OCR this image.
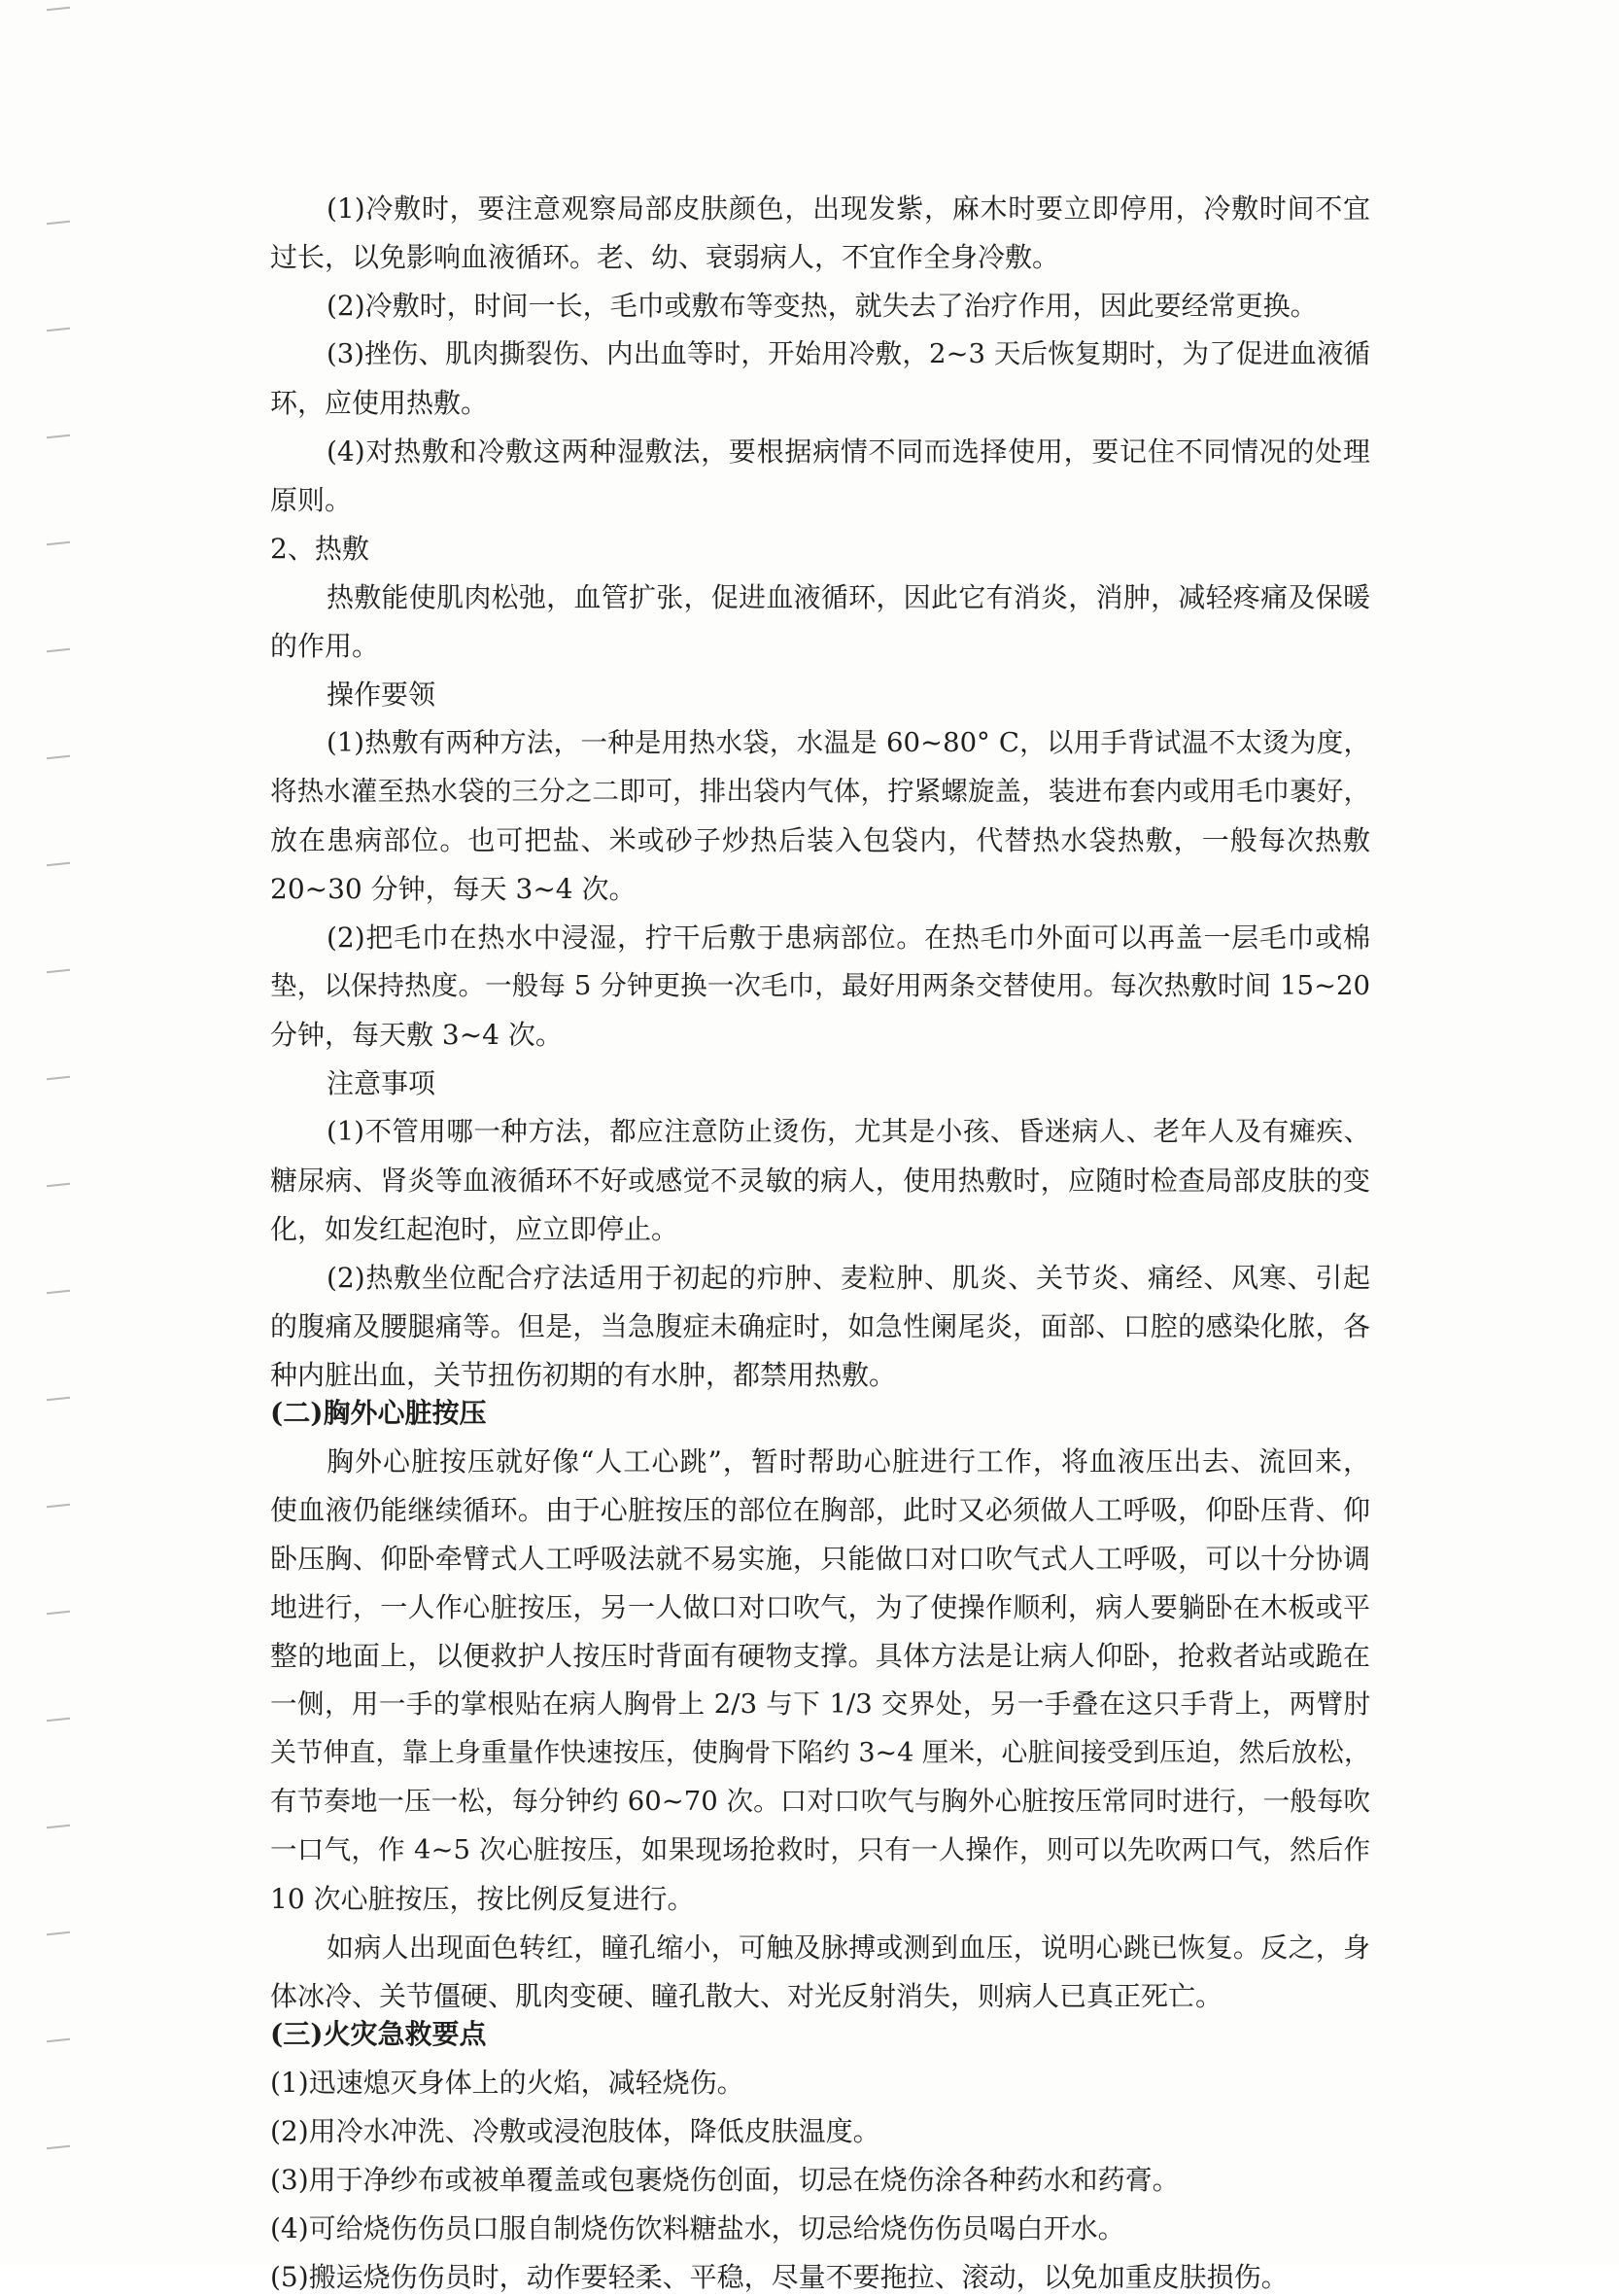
(1)冷敷时，要注意观察局部皮肤颜色，出现发紫，麻木时要立即停用，冷敷时间不宜
过长，以免影响血液循环。老、幼、衰弱病人，不宜作全身冷敷。
(2)冷敷时，时间一长，毛巾或敷布等变热，就失去了治疗作用，因此要经常更换。
(3)挫伤、肌肉撕裂伤、内出血等时，开始用冷敷，2~3 天后恢复期时，为了促进血液循
环，应使用热敷。
(4)对热敷和冷敷这两种湿敷法，要根据病情不同而选择使用，要记住不同情况的处理
原则。
2、热敷
热敷能使肌肉松弛，血管扩张，促进血液循环，因此它有消炎，消肿，减轻疼痛及保暖
的作用。
操作要领
(1)热敷有两种方法，一种是用热水袋，水温是 60~80° C，以用手背试温不太烫为度，
将热水灌至热水袋的三分之二即可，排出袋内气体，拧紧螺旋盖，装进布套内或用毛巾裹好，
放在患病部位。也可把盐、米或砂子炒热后装入包袋内，代替热水袋热敷，一般每次热敷
20~30 分钟，每天 3~4 次。
(2)把毛巾在热水中浸湿，拧干后敷于患病部位。在热毛巾外面可以再盖一层毛巾或棉
垫，以保持热度。一般每 5 分钟更换一次毛巾，最好用两条交替使用。每次热敷时间 15~20
分钟，每天敷 3~4 次。
注意事项
(1)不管用哪一种方法，都应注意防止烫伤，尤其是小孩、昏迷病人、老年人及有瘫疾、
糖尿病、肾炎等血液循环不好或感觉不灵敏的病人，使用热敷时，应随时检查局部皮肤的变
化，如发红起泡时，应立即停止。
(2)热敷坐位配合疗法适用于初起的疖肿、麦粒肿、肌炎、关节炎、痛经、风寒、引起
的腹痛及腰腿痛等。但是，当急腹症未确症时，如急性阑尾炎，面部、口腔的感染化脓，各
种内脏出血，关节扭伤初期的有水肿，都禁用热敷。
(二)胸外心脏按压
胸外心脏按压就好像“人工心跳”，暂时帮助心脏进行工作，将血液压出去、流回来，
使血液仍能继续循环。由于心脏按压的部位在胸部，此时又必须做人工呼吸，仰卧压背、仰
卧压胸、仰卧牵臂式人工呼吸法就不易实施，只能做口对口吹气式人工呼吸，可以十分协调
地进行，一人作心脏按压，另一人做口对口吹气，为了使操作顺利，病人要躺卧在木板或平
整的地面上，以便救护人按压时背面有硬物支撑。具体方法是让病人仰卧，抢救者站或跪在
一侧，用一手的掌根贴在病人胸骨上 2/3 与下 1/3 交界处，另一手叠在这只手背上，两臂肘
关节伸直，靠上身重量作快速按压，使胸骨下陷约 3~4 厘米，心脏间接受到压迫，然后放松，
有节奏地一压一松，每分钟约 60~70 次。口对口吹气与胸外心脏按压常同时进行，一般每吹
一口气，作 4~5 次心脏按压，如果现场抢救时，只有一人操作，则可以先吹两口气，然后作
10 次心脏按压，按比例反复进行。
如病人出现面色转红，瞳孔缩小，可触及脉搏或测到血压，说明心跳已恢复。反之，身
体冰冷、关节僵硬、肌肉变硬、瞳孔散大、对光反射消失，则病人已真正死亡。
(三)火灾急救要点
(1)迅速熄灭身体上的火焰，减轻烧伤。
(2)用冷水冲洗、冷敷或浸泡肢体，降低皮肤温度。
(3)用于净纱布或被单覆盖或包裹烧伤创面，切忌在烧伤涂各种药水和药膏。
(4)可给烧伤伤员口服自制烧伤饮料糖盐水，切忌给烧伤伤员喝白开水。
(5)搬运烧伤伤员时，动作要轻柔、平稳，尽量不要拖拉、滚动，以免加重皮肤损伤。
